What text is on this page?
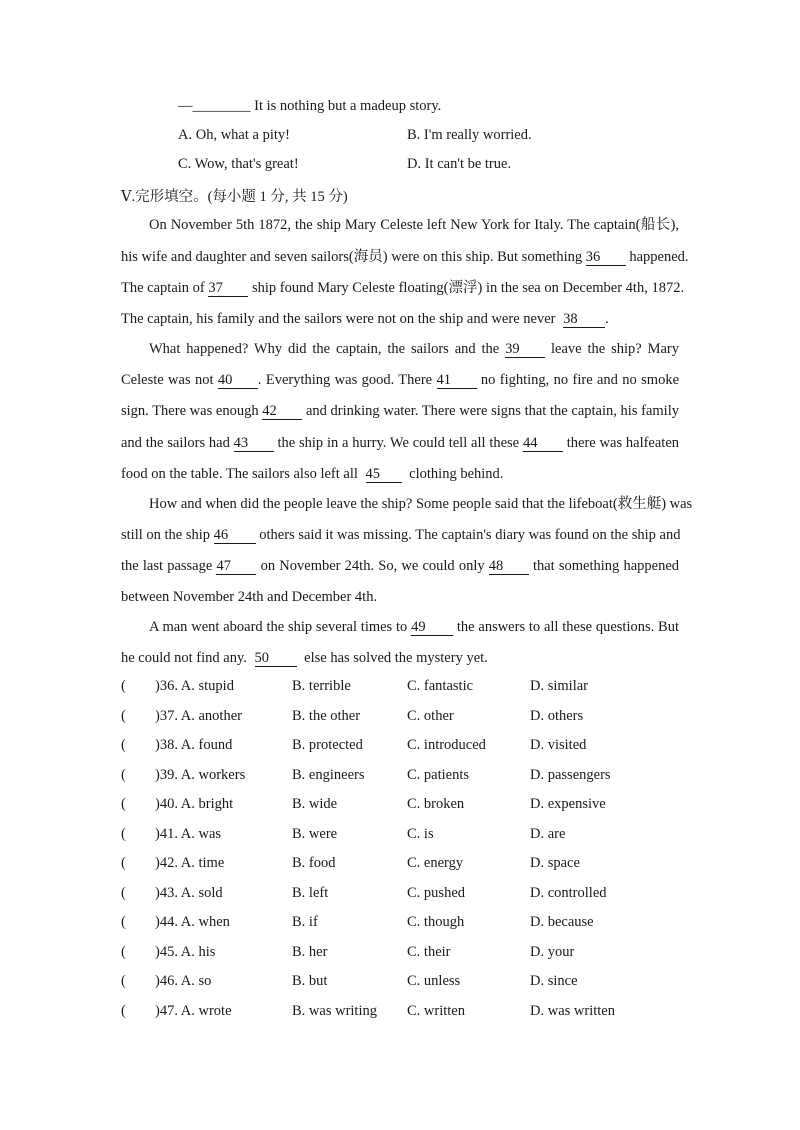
—________ It is nothing but a madeup story.
A. Oh, what a pity!	B. I'm really worried.
C. Wow, that's great!	D. It can't be true.
Ⅴ.完形填空。(每小题 1 分, 共 15 分)
On November 5th 1872, the ship Mary Celeste left New York for Italy. The captain(船长),
his wife and daughter and seven sailors(海员) were on this ship. But something 36 happened.
The captain of 37 ship found Mary Celeste floating(漂浮) in the sea on December 4th, 1872.
The captain, his family and the sailors were not on the ship and were never 38 .
What happened? Why did the captain, the sailors and the 39 leave the ship? Mary
Celeste was not 40 . Everything was good. There 41 no fighting, no fire and no smoke
sign. There was enough 42 and drinking water. There were signs that the captain, his family
and the sailors had 43 the ship in a hurry. We could tell all these 44 there was halfeaten
food on the table. The sailors also left all 45 clothing behind.
How and when did the people leave the ship? Some people said that the lifeboat(救生艇) was
still on the ship 46 others said it was missing. The captain's diary was found on the ship and
the last passage 47 on November 24th. So, we could only 48 that something happened
between November 24th and December 4th.
A man went aboard the ship several times to 49 the answers to all these questions. But
he could not find any. 50 else has solved the mystery yet.
( )36. A. stupid	B. terrible	C. fantastic	D. similar
( )37. A. another	B. the other	C. other	D. others
( )38. A. found	B. protected	C. introduced	D. visited
( )39. A. workers	B. engineers	C. patients	D. passengers
( )40. A. bright	B. wide	C. broken	D. expensive
( )41. A. was	B. were	C. is	D. are
( )42. A. time	B. food	C. energy	D. space
( )43. A. sold	B. left	C. pushed	D. controlled
( )44. A. when	B. if	C. though	D. because
( )45. A. his	B. her	C. their	D. your
( )46. A. so	B. but	C. unless	D. since
( )47. A. wrote	B. was writing C. written	D. was written
